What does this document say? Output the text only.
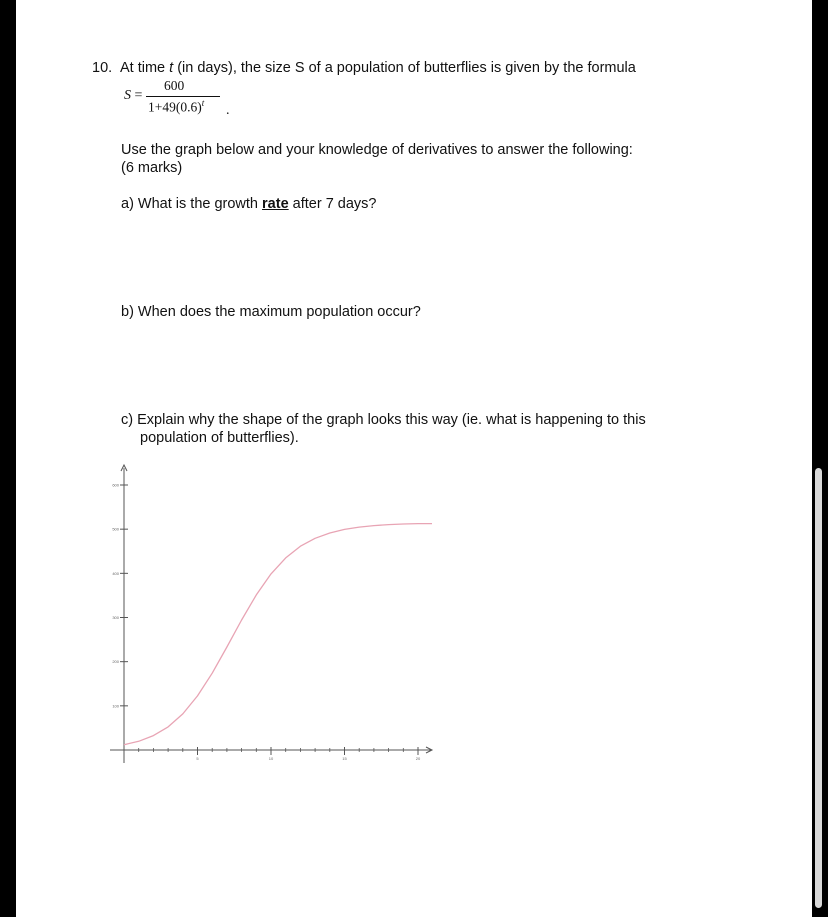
10. At time t (in days), the size S of a population of butterflies is given by the formula
S =
600
$1+49(0.6)^t$ .
Use the graph below and your knowledge of derivatives to answer the following:
(6 marks)
a) What is the growth rate after 7 days?
b) When does the maximum population occur?
c) Explain why the shape of the graph looks this way (ie. what is happening to this
population of butterflies).
5	10	15	20
100
200
300
400
500
600
